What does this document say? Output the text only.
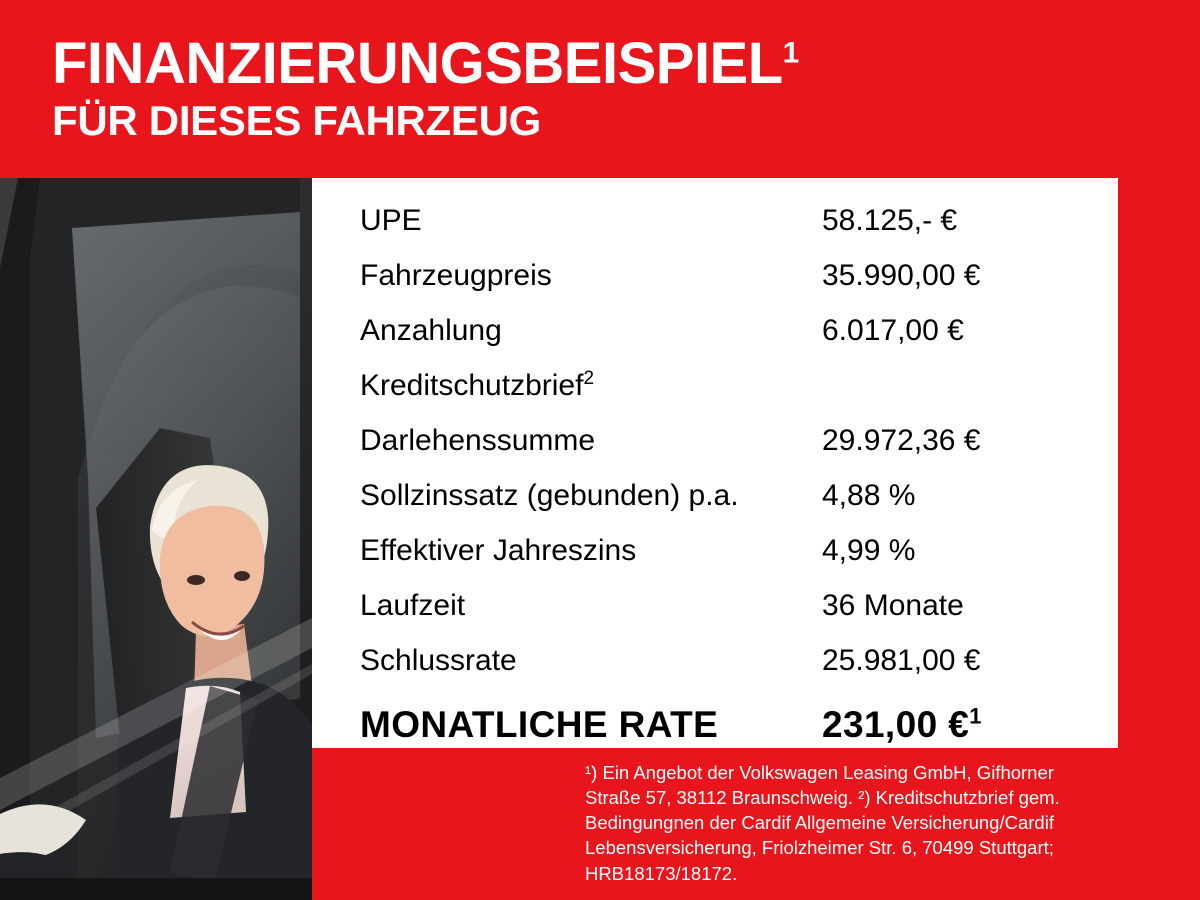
FINANZIERUNGSBEISPIEL$^1$
FÜR DIESES FAHRZEUG
UPE	58.125,- €
Fahrzeugpreis	35.990,00 €
Anzahlung	6.017,00 €
Kreditschutzbrief$^2$
Darlehenssumme	29.972,36 €
Sollzinssatz (gebunden) p.a.	4,88 %
Effektiver Jahreszins	4,99 %
Laufzeit	36 Monate
Schlussrate	25.981,00 €
MONATLICHE RATE	231,00 €$^1$
¹) Ein Angebot der Volkswagen Leasing GmbH, Gifhorner Straße 57, 38112 Braunschweig. ²) Kreditschutzbrief gem. Bedingungnen der Cardif Allgemeine Versicherung/Cardif Lebensversicherung, Friolzheimer Str. 6, 70499 Stuttgart; HRB18173/18172.
